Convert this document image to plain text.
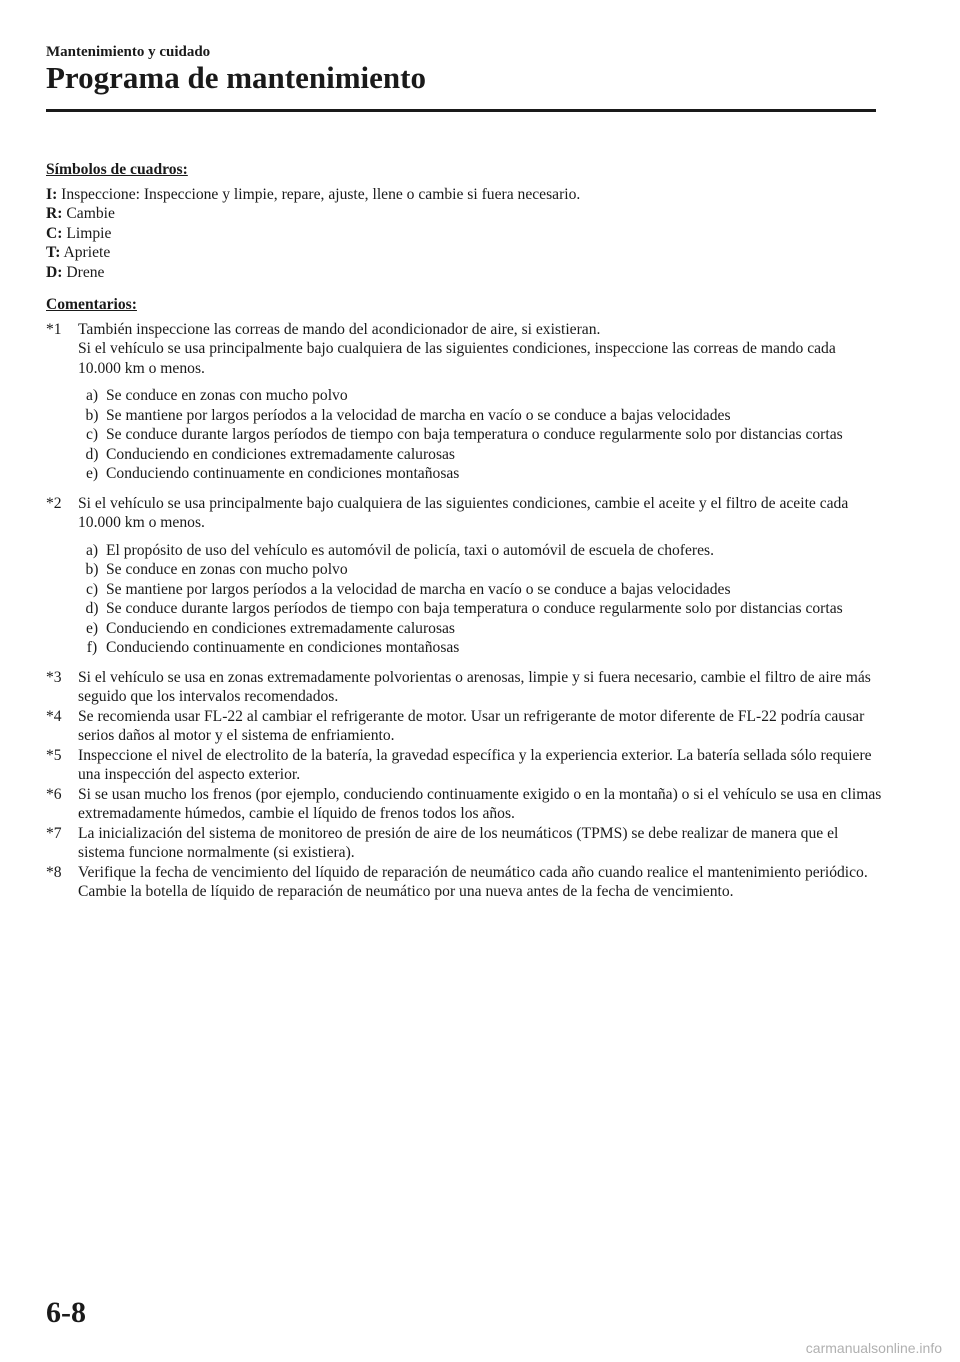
Mantenimiento y cuidado
Programa de mantenimiento

Símbolos de cuadros:

I: Inspeccione: Inspeccione y limpie, repare, ajuste, llene o cambie si fuera necesario.

R: Cambie

C: Limpie

T: Apriete

D: Drene

Comentarios:

*1	También inspeccione las correas de mando del acondicionador de aire, si existieran.
Si el vehículo se usa principalmente bajo cualquiera de las siguientes condiciones, inspeccione las correas de mando cada 10.000 km o menos.
a) Se conduce en zonas con mucho polvo
b) Se mantiene por largos períodos a la velocidad de marcha en vacío o se conduce a bajas velocidades
c) Se conduce durante largos períodos de tiempo con baja temperatura o conduce regularmente solo por distancias cortas
d) Conduciendo en condiciones extremadamente calurosas
e) Conduciendo continuamente en condiciones montañosas
*2	Si el vehículo se usa principalmente bajo cualquiera de las siguientes condiciones, cambie el aceite y el filtro de aceite cada 10.000 km o menos.
a) El propósito de uso del vehículo es automóvil de policía, taxi o automóvil de escuela de choferes.
b) Se conduce en zonas con mucho polvo
c) Se mantiene por largos períodos a la velocidad de marcha en vacío o se conduce a bajas velocidades
d) Se conduce durante largos períodos de tiempo con baja temperatura o conduce regularmente solo por distancias cortas
e) Conduciendo en condiciones extremadamente calurosas
f) Conduciendo continuamente en condiciones montañosas
*3	Si el vehículo se usa en zonas extremadamente polvorientas o arenosas, limpie y si fuera necesario, cambie el filtro de aire más seguido que los intervalos recomendados.
*4	Se recomienda usar FL-22 al cambiar el refrigerante de motor. Usar un refrigerante de motor diferente de FL-22 podría causar serios daños al motor y el sistema de enfriamiento.
*5	Inspeccione el nivel de electrolito de la batería, la gravedad específica y la experiencia exterior. La batería sellada sólo requiere una inspección del aspecto exterior.
*6	Si se usan mucho los frenos (por ejemplo, conduciendo continuamente exigido o en la montaña) o si el vehículo se usa en climas extremadamente húmedos, cambie el líquido de frenos todos los años.
*7	La inicialización del sistema de monitoreo de presión de aire de los neumáticos (TPMS) se debe realizar de manera que el sistema funcione normalmente (si existiera).
*8	Verifique la fecha de vencimiento del líquido de reparación de neumático cada año cuando realice el mantenimiento periódico. Cambie la botella de líquido de reparación de neumático por una nueva antes de la fecha de vencimiento.
6-8
carmanualsonline.info
